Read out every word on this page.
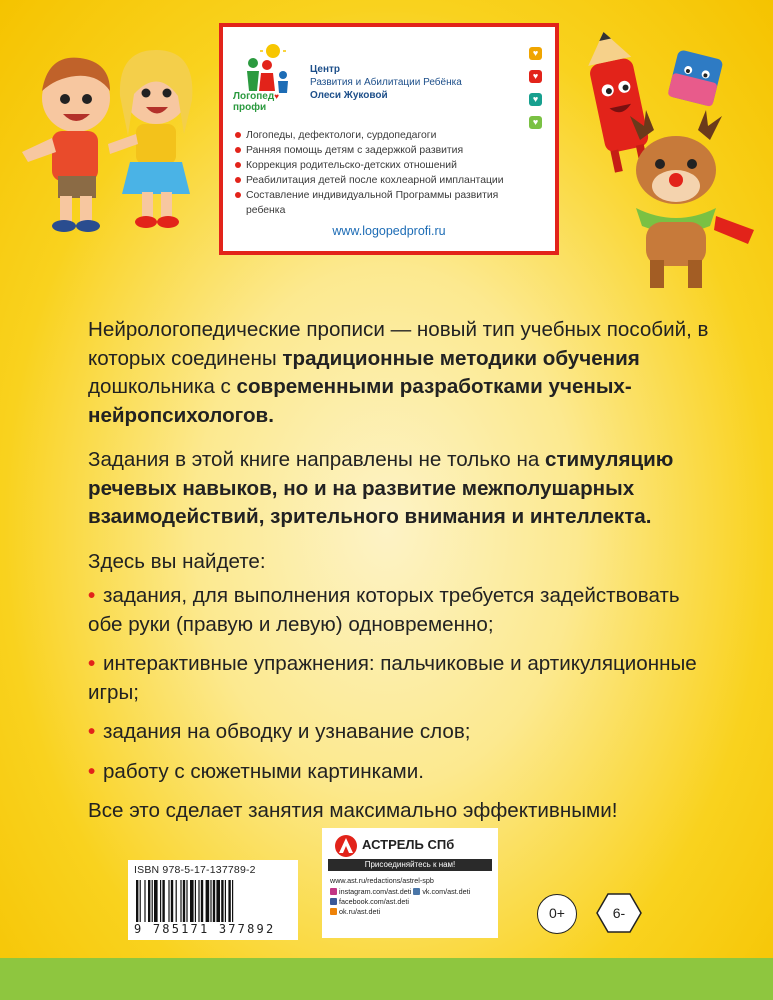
Логопед♥
профи
Центр
Развития и Абилитации Ребёнка
Олеси Жуковой
♥
♥
♥
♥
Логопеды, дефектологи, сурдопедагоги
Ранняя помощь детям с задержкой развития
Коррекция родительско-детских отношений
Реабилитация детей после кохлеарной имплантации
Составление индивидуальной Программы развития ребенка
www.logopedprofi.ru

Нейрологопедические прописи — новый тип учебных пособий, в которых соединены традиционные методики обучения дошкольника с современными разработками ученых-нейропсихологов.

Задания в этой книге направлены не только на стимуляцию речевых навыков, но и на развитие межполушарных взаимодействий, зрительного внимания и интеллекта.

Здесь вы найдете:

• задания, для выполнения которых требуется задействовать обе руки (правую и левую) одновременно;
• интерактивные упражнения: пальчиковые и артикуляционные игры;
• задания на обводку и узнавание слов;
• работу с сюжетными картинками.

Все это сделает занятия максимально эффективными!

ISBN 978-5-17-137789-2
9 785171 377892
АСТРЕЛЬ СПб
Присоединяйтесь к нам!
www.ast.ru/redactions/astrel-spb
instagram.com/ast.deti vk.com/ast.deti
facebook.com/ast.deti
ok.ru/ast.deti	0+	6-
